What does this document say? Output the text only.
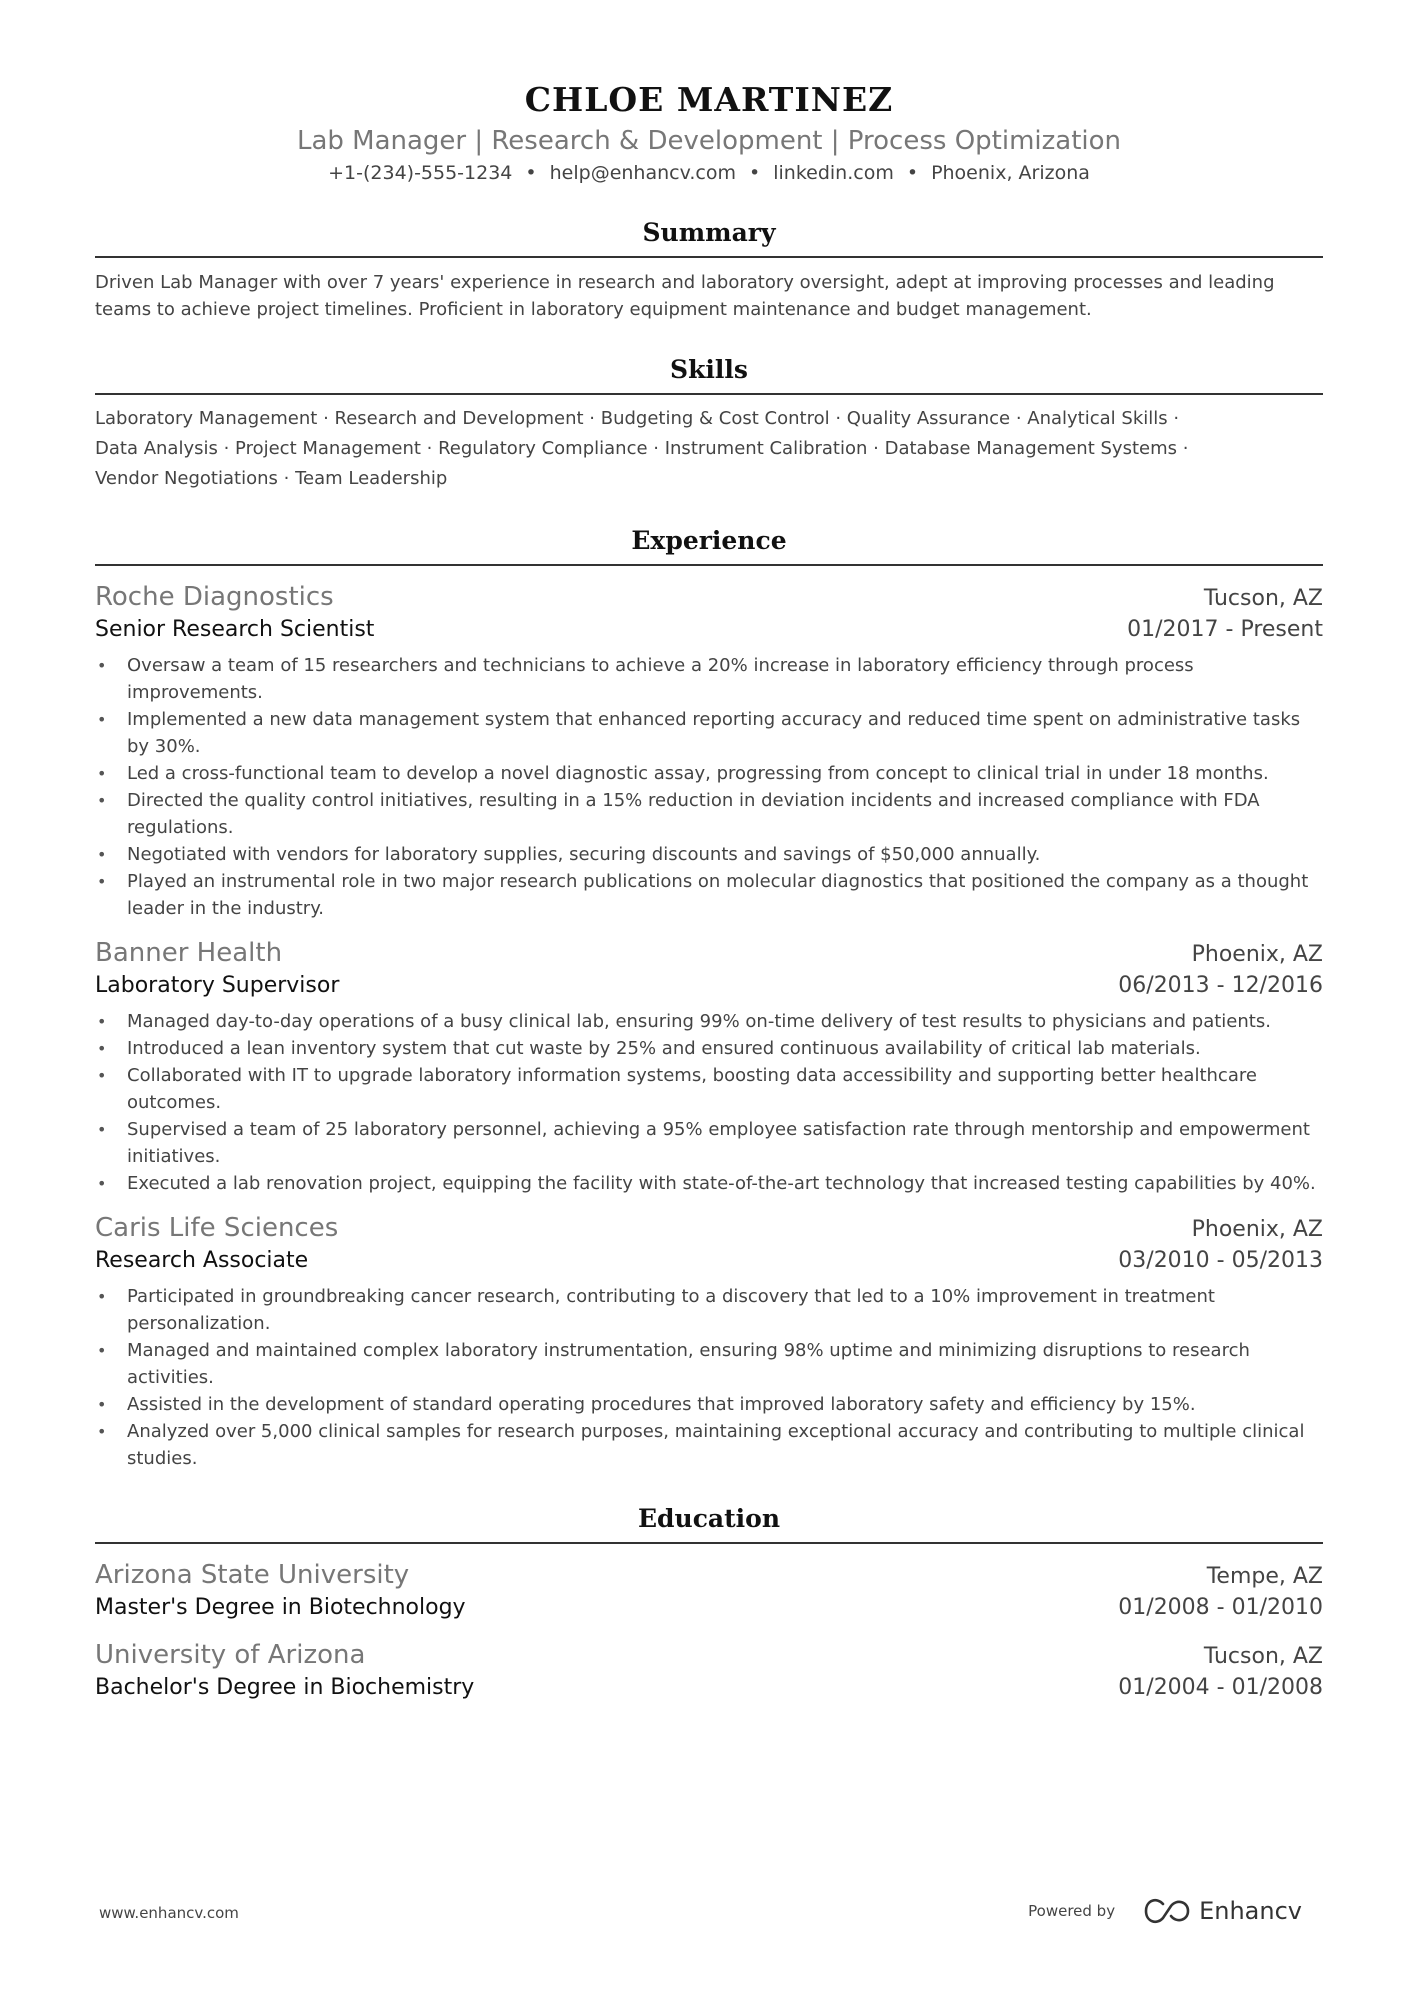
CHLOE MARTINEZ
Lab Manager | Research & Development | Process Optimization
+1-(234)-555-1234 • help@enhancv.com • linkedin.com • Phoenix, Arizona
Summary
Driven Lab Manager with over 7 years' experience in research and laboratory oversight, adept at improving processes and leading teams to achieve project timelines. Proficient in laboratory equipment maintenance and budget management.
Skills
Laboratory Management · Research and Development · Budgeting & Cost Control · Quality Assurance · Analytical Skills ·
Data Analysis · Project Management · Regulatory Compliance · Instrument Calibration · Database Management Systems ·
Vendor Negotiations · Team Leadership
Experience
Roche Diagnostics	Tucson, AZ
Senior Research Scientist	01/2017 - Present
• Oversaw a team of 15 researchers and technicians to achieve a 20% increase in laboratory efficiency through process improvements.
• Implemented a new data management system that enhanced reporting accuracy and reduced time spent on administrative tasks by 30%.
• Led a cross-functional team to develop a novel diagnostic assay, progressing from concept to clinical trial in under 18 months.
• Directed the quality control initiatives, resulting in a 15% reduction in deviation incidents and increased compliance with FDA regulations.
• Negotiated with vendors for laboratory supplies, securing discounts and savings of $50,000 annually.
• Played an instrumental role in two major research publications on molecular diagnostics that positioned the company as a thought leader in the industry.
Banner Health	Phoenix, AZ
Laboratory Supervisor	06/2013 - 12/2016
• Managed day-to-day operations of a busy clinical lab, ensuring 99% on-time delivery of test results to physicians and patients.
• Introduced a lean inventory system that cut waste by 25% and ensured continuous availability of critical lab materials.
• Collaborated with IT to upgrade laboratory information systems, boosting data accessibility and supporting better healthcare outcomes.
• Supervised a team of 25 laboratory personnel, achieving a 95% employee satisfaction rate through mentorship and empowerment initiatives.
• Executed a lab renovation project, equipping the facility with state-of-the-art technology that increased testing capabilities by 40%.
Caris Life Sciences	Phoenix, AZ
Research Associate	03/2010 - 05/2013
• Participated in groundbreaking cancer research, contributing to a discovery that led to a 10% improvement in treatment personalization.
• Managed and maintained complex laboratory instrumentation, ensuring 98% uptime and minimizing disruptions to research activities.
• Assisted in the development of standard operating procedures that improved laboratory safety and efficiency by 15%.
• Analyzed over 5,000 clinical samples for research purposes, maintaining exceptional accuracy and contributing to multiple clinical studies.
Education
Arizona State University	Tempe, AZ
Master's Degree in Biotechnology	01/2008 - 01/2010
University of Arizona	Tucson, AZ
Bachelor's Degree in Biochemistry	01/2004 - 01/2008
www.enhancv.com	Powered by	Enhancv
